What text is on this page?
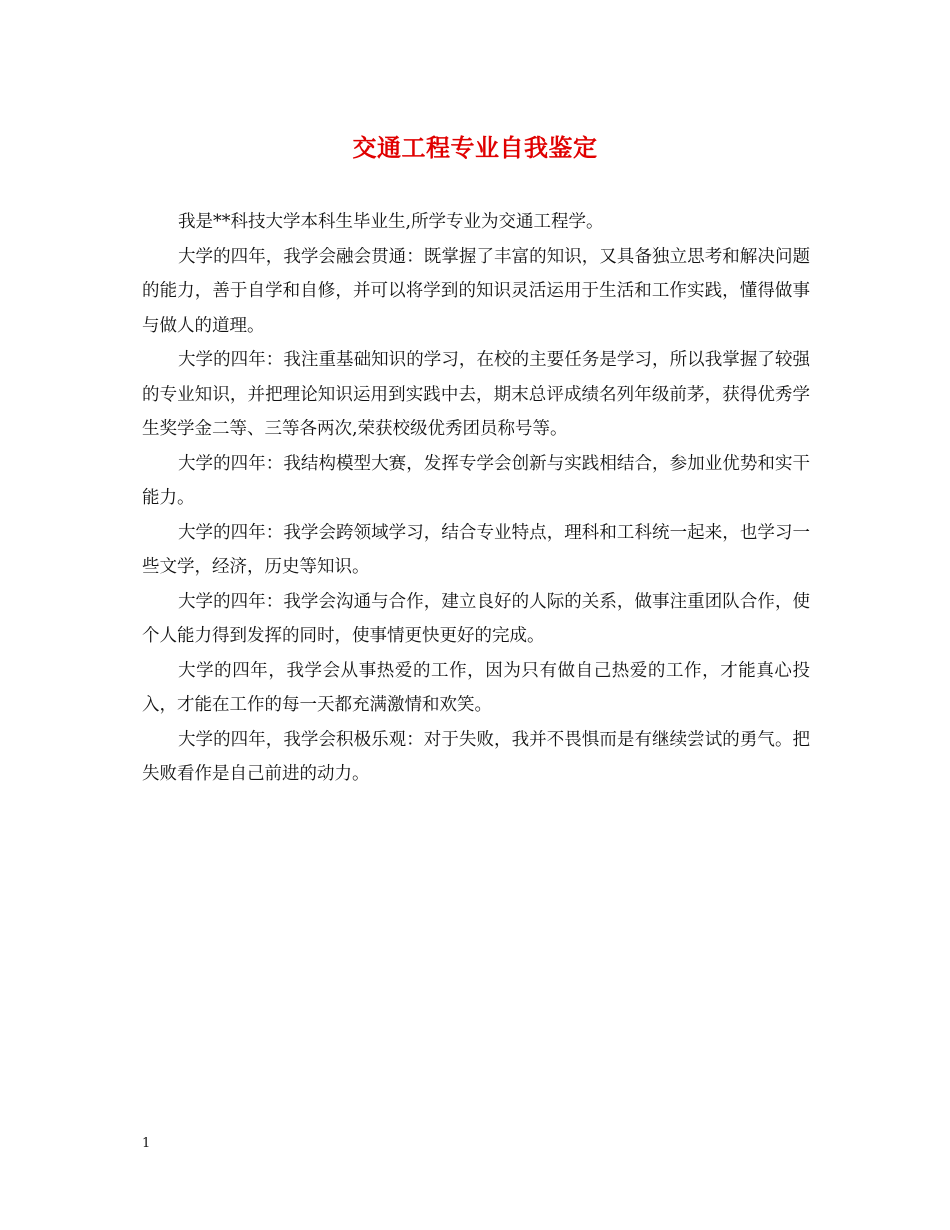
交通工程专业自我鉴定

我是**科技大学本科生毕业生,所学专业为交通工程学。

大学的四年，我学会融会贯通：既掌握了丰富的知识，又具备独立思考和解决问题的能力，善于自学和自修，并可以将学到的知识灵活运用于生活和工作实践，懂得做事与做人的道理。

大学的四年：我注重基础知识的学习，在校的主要任务是学习，所以我掌握了较强的专业知识，并把理论知识运用到实践中去，期末总评成绩名列年级前茅，获得优秀学生奖学金二等、三等各两次,荣获校级优秀团员称号等。

大学的四年：我结构模型大赛，发挥专学会创新与实践相结合，参加业优势和实干能力。

大学的四年：我学会跨领域学习，结合专业特点，理科和工科统一起来，也学习一些文学，经济，历史等知识。

大学的四年：我学会沟通与合作，建立良好的人际的关系，做事注重团队合作，使个人能力得到发挥的同时，使事情更快更好的完成。

大学的四年，我学会从事热爱的工作，因为只有做自己热爱的工作，才能真心投入，才能在工作的每一天都充满激情和欢笑。

大学的四年，我学会积极乐观：对于失败，我并不畏惧而是有继续尝试的勇气。把失败看作是自己前进的动力。

1
